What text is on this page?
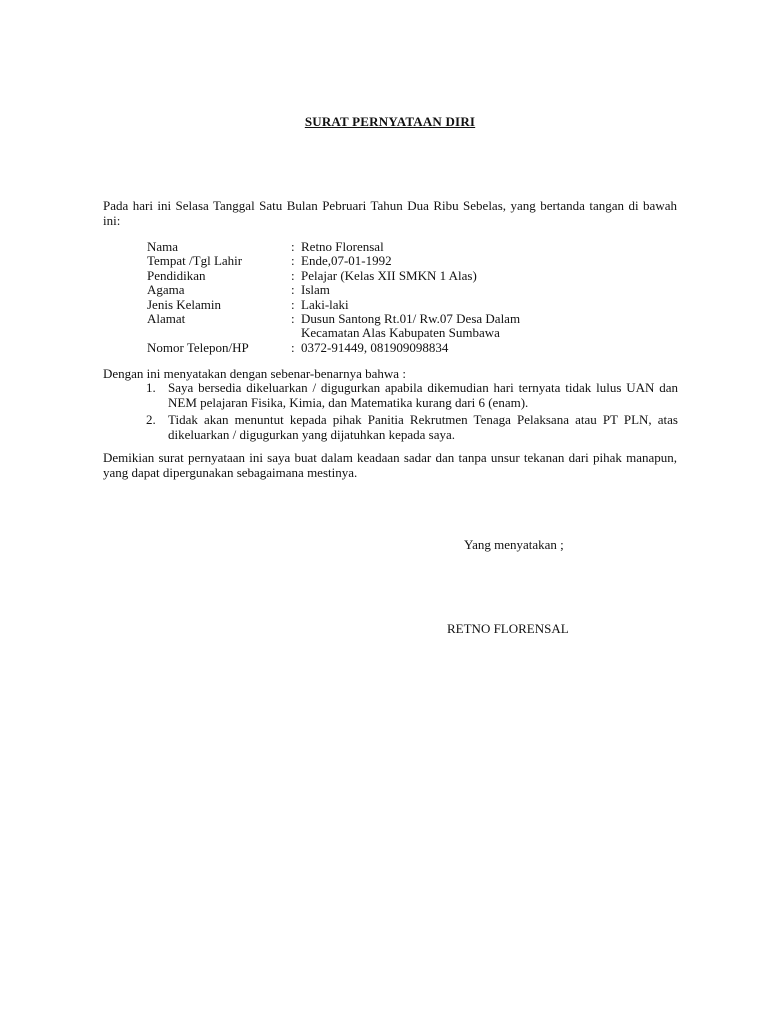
SURAT PERNYATAAN DIRI
Pada hari ini Selasa Tanggal Satu Bulan Pebruari Tahun Dua Ribu Sebelas, yang bertanda tangan di bawah ini:
Nama	: Retno Florensal
Tempat /Tgl Lahir	: Ende,07-01-1992
Pendidikan	: Pelajar (Kelas XII SMKN 1 Alas)
Agama	: Islam
Jenis Kelamin	: Laki-laki
Alamat	: Dusun Santong Rt.01/ Rw.07 Desa Dalam
Kecamatan Alas Kabupaten Sumbawa
Nomor Telepon/HP	: 0372-91449, 081909098834
Dengan ini menyatakan dengan sebenar-benarnya bahwa :
1. Saya bersedia dikeluarkan / digugurkan apabila dikemudian hari ternyata tidak lulus UAN dan NEM pelajaran Fisika, Kimia, dan Matematika kurang dari 6 (enam).
2. Tidak akan menuntut kepada pihak Panitia Rekrutmen Tenaga Pelaksana atau PT PLN, atas dikeluarkan / digugurkan yang dijatuhkan kepada saya.
Demikian surat pernyataan ini saya buat dalam keadaan sadar dan tanpa unsur tekanan dari pihak manapun, yang dapat dipergunakan sebagaimana mestinya.
Yang menyatakan ;
RETNO FLORENSAL
